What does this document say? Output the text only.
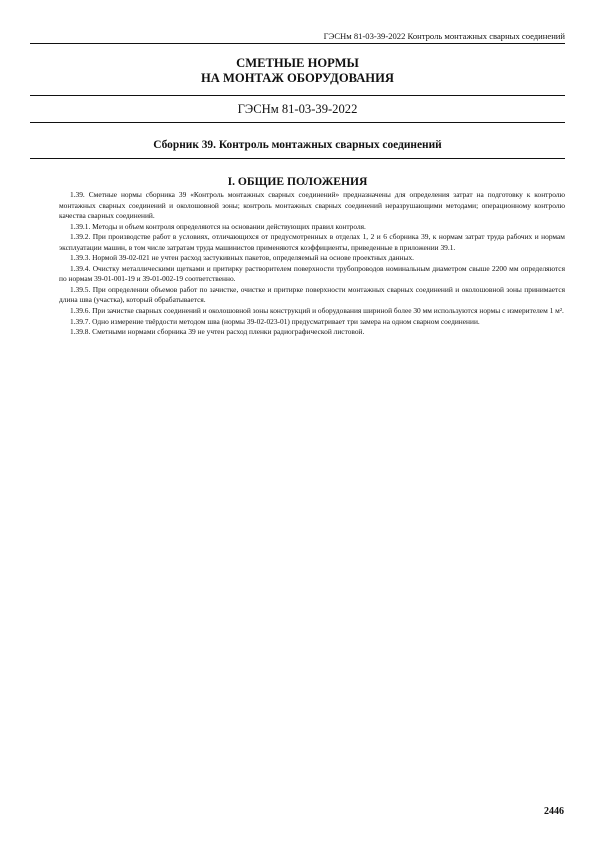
ГЭСНм 81-03-39-2022 Контроль монтажных сварных соединений
СМЕТНЫЕ НОРМЫ
НА МОНТАЖ ОБОРУДОВАНИЯ
ГЭСНм 81-03-39-2022
Сборник 39. Контроль монтажных сварных соединений
I. ОБЩИЕ ПОЛОЖЕНИЯ

1.39. Сметные нормы сборника 39 «Контроль монтажных сварных соединений» предназначены для определения затрат на подготовку к контролю монтажных сварных соединений и околошовной зоны; контроль монтажных сварных соединений неразрушающими методами; операционному контролю качества сварных соединений.

1.39.1. Методы и объем контроля определяются на основании действующих правил контроля.

1.39.2. При производстве работ в условиях, отличающихся от предусмотренных в отделах 1, 2 и 6 сборника 39, к нормам затрат труда рабочих и нормам эксплуатации машин, в том числе затратам труда машинистов применяются коэффициенты, приведенные в приложении 39.1.

1.39.3. Нормой 39-02-021 не учтен расход застукивных пакетов, определяемый на основе проектных данных.

1.39.4. Очистку металлическими щетками и притирку растворителем поверхности трубопроводов номинальным диаметром свыше 2200 мм определяются по нормам 39-01-001-19 и 39-01-002-19 соответственно.

1.39.5. При определении объемов работ по зачистке, очистке и притирке поверхности монтажных сварных соединений и околошовной зоны принимается длина шва (участка), который обрабатывается.

1.39.6. При зачистке сварных соединений и околошовной зоны конструкций и оборудования шириной более 30 мм используются нормы с измерителем 1 м².

1.39.7. Одно измерение твёрдости методом шва (нормы 39-02-023-01) предусматривает три замера на одном сварном соединении.

1.39.8. Сметными нормами сборника 39 не учтен расход пленки радиографической листовой.

2446
